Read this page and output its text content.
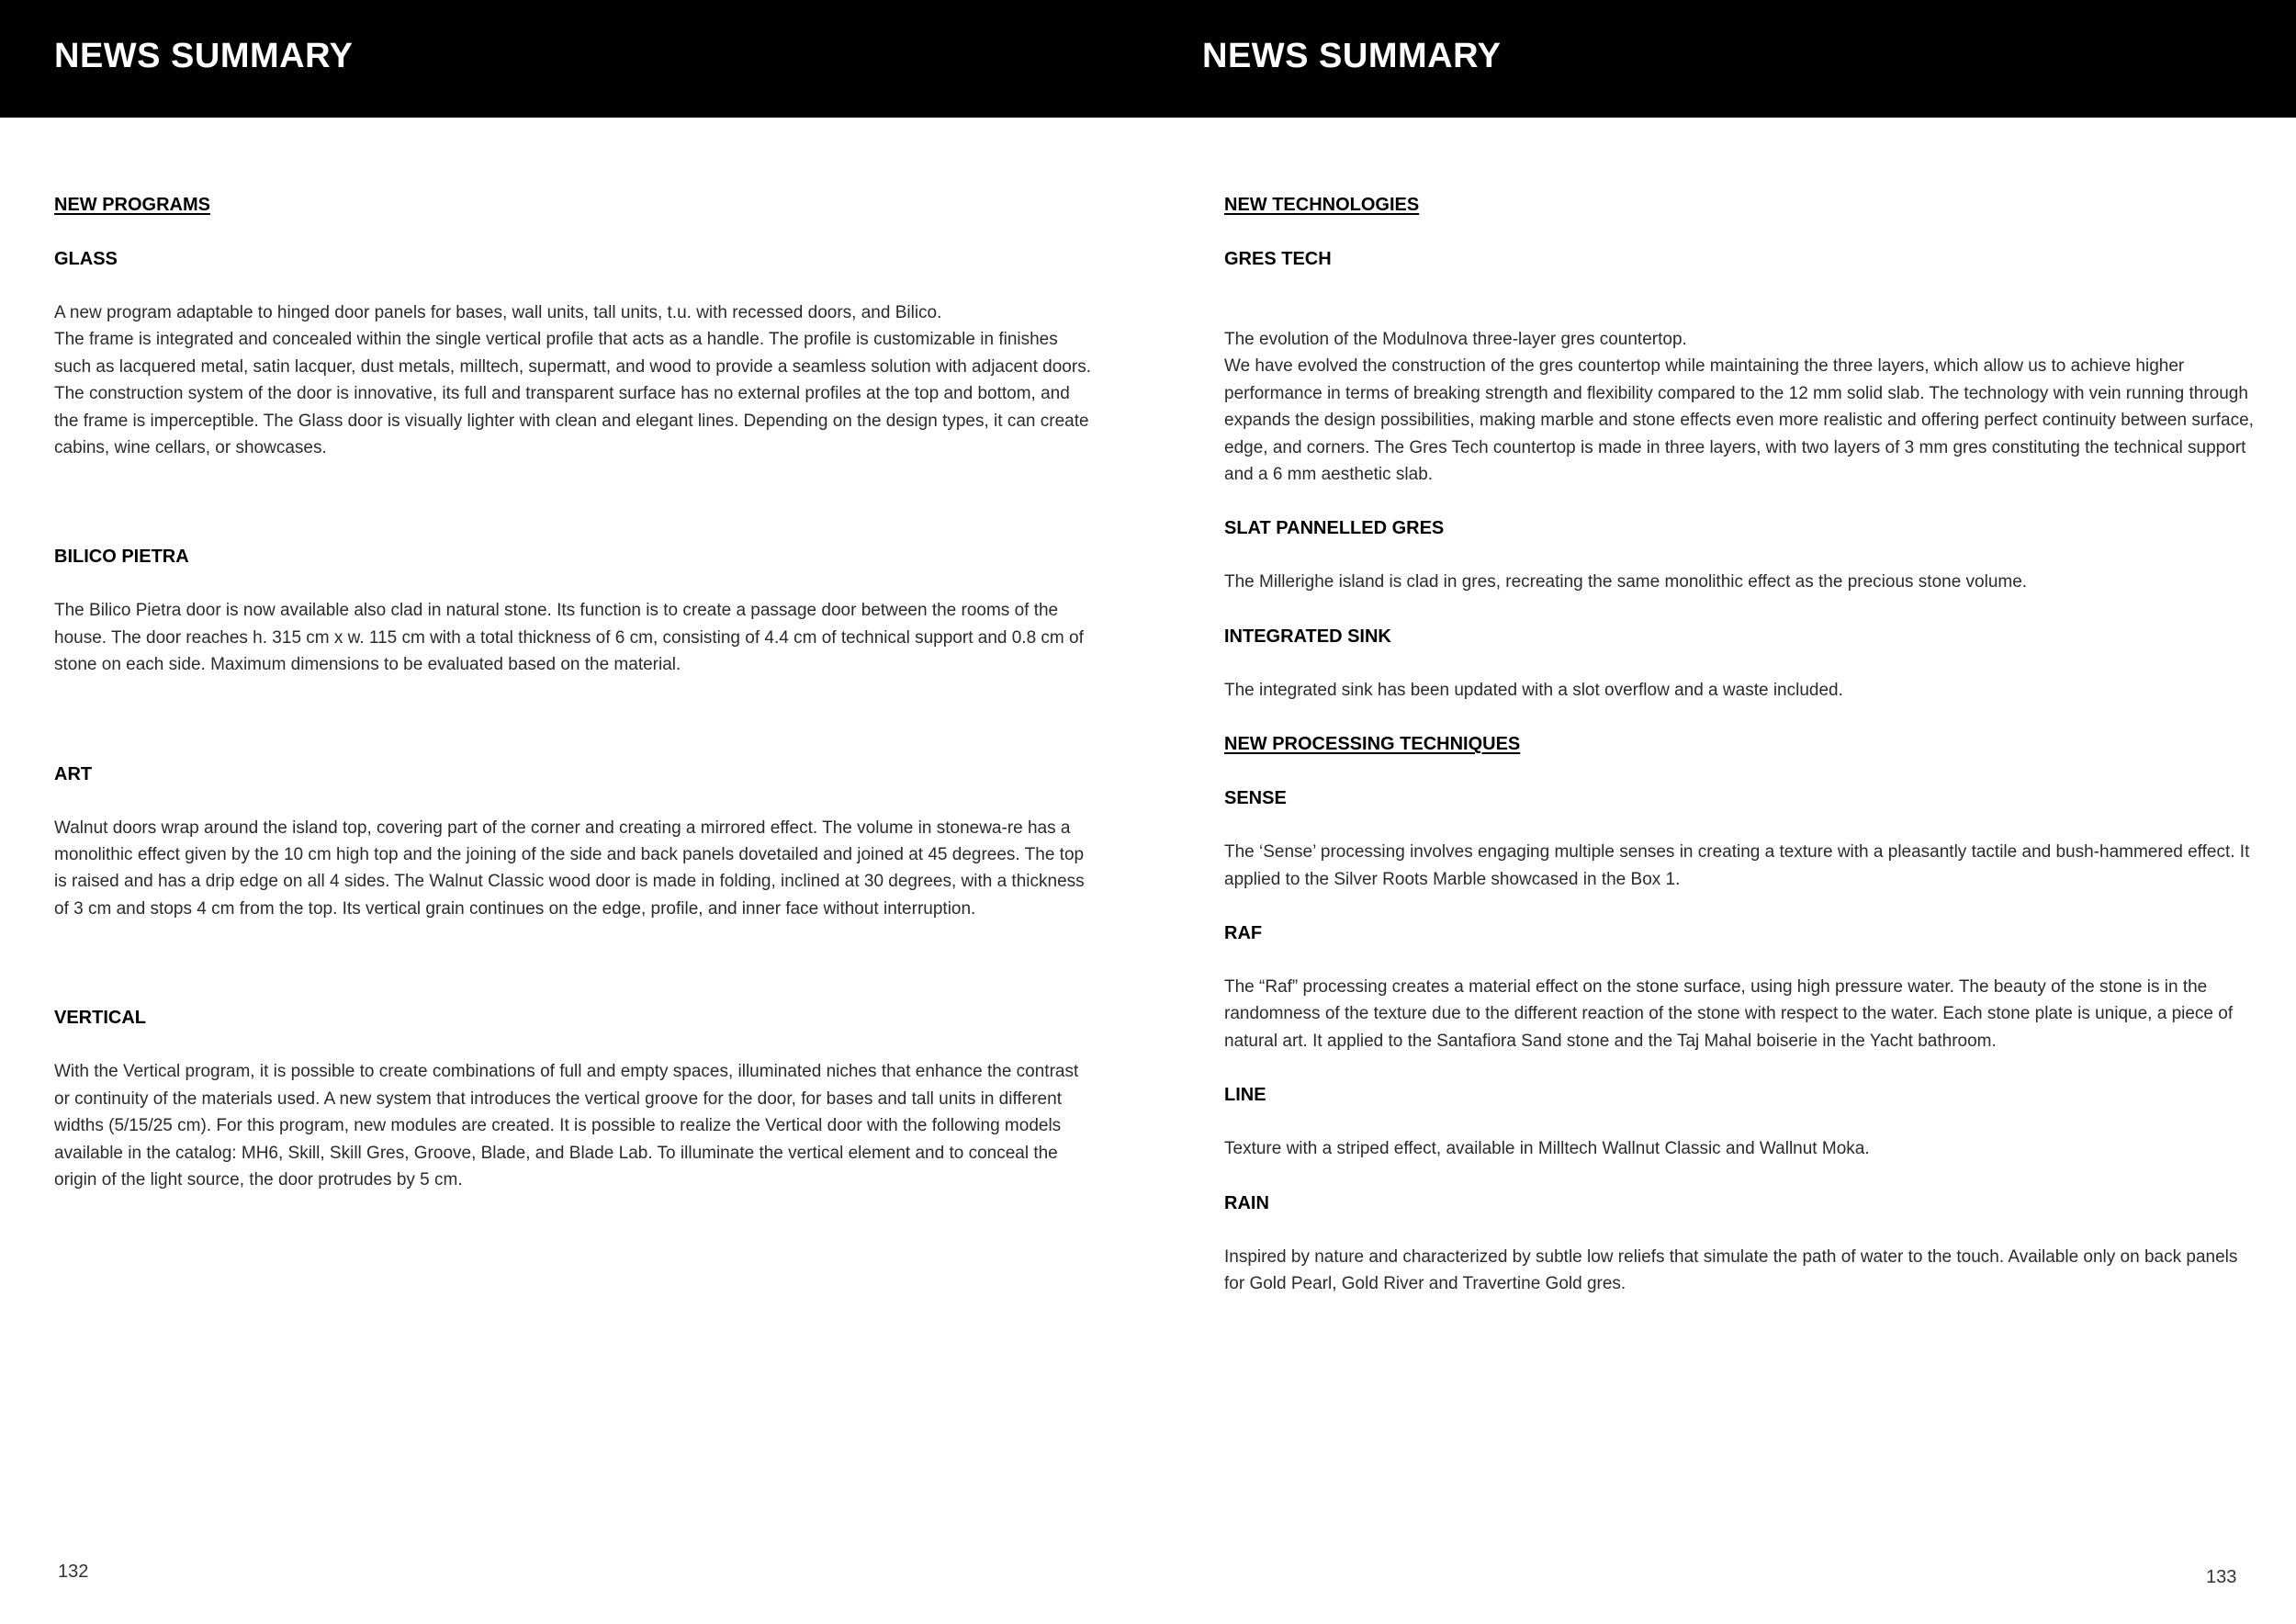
NEWS SUMMARY	NEWS SUMMARY
NEW PROGRAMS
GLASS

A new program adaptable to hinged door panels for bases, wall units, tall units, t.u. with recessed doors, and Bilico.

The frame is integrated and concealed within the single vertical profile that acts as a handle. The profile is customizable in finishes such as lacquered metal, satin lacquer, dust metals, milltech, supermatt, and wood to provide a seamless solution with adjacent doors. The construction system of the door is innovative, its full and transparent surface has no external profiles at the top and bottom, and the frame is imperceptible. The Glass door is visually lighter with clean and elegant lines. Depending on the design types, it can create cabins, wine cellars, or showcases.

BILICO PIETRA

The Bilico Pietra door is now available also clad in natural stone. Its function is to create a passage door between the rooms of the house. The door reaches h. 315 cm x w. 115 cm with a total thickness of 6 cm, consisting of 4.4 cm of technical support and 0.8 cm of stone on each side. Maximum dimensions to be evaluated based on the material.

ART

Walnut doors wrap around the island top, covering part of the corner and creating a mirrored effect. The volume in stonewa-re has a monolithic effect given by the 10 cm high top and the joining of the side and back panels dovetailed and joined at 45 degrees. The top is raised and has a drip edge on all 4 sides. The Walnut Classic wood door is made in folding, inclined at 30 degrees, with a thickness of 3 cm and stops 4 cm from the top. Its vertical grain continues on the edge, profile, and inner face without interruption.

VERTICAL

With the Vertical program, it is possible to create combinations of full and empty spaces, illuminated niches that enhance the contrast or continuity of the materials used. A new system that introduces the vertical groove for the door, for bases and tall units in different widths (5/15/25 cm). For this program, new modules are created. It is possible to realize the Vertical door with the following models available in the catalog: MH6, Skill, Skill Gres, Groove, Blade, and Blade Lab. To illuminate the vertical element and to conceal the origin of the light source, the door protrudes by 5 cm.

NEW TECHNOLOGIES
GRES TECH

The evolution of the Modulnova three-layer gres countertop.

We have evolved the construction of the gres countertop while maintaining the three layers, which allow us to achieve higher performance in terms of breaking strength and flexibility compared to the 12 mm solid slab. The technology with vein running through expands the design possibilities, making marble and stone effects even more realistic and offering perfect continuity between surface, edge, and corners. The Gres Tech countertop is made in three layers, with two layers of 3 mm gres constituting the technical support and a 6 mm aesthetic slab.

SLAT PANNELLED GRES

The Millerighe island is clad in gres, recreating the same monolithic effect as the precious stone volume.

INTEGRATED SINK

The integrated sink has been updated with a slot overflow and a waste included.

NEW PROCESSING TECHNIQUES
SENSE

The ‘Sense’ processing involves engaging multiple senses in creating a texture with a pleasantly tactile and bush-hammered effect. It applied to the Silver Roots Marble showcased in the Box 1.

RAF

The “Raf” processing creates a material effect on the stone surface, using high pressure water. The beauty of the stone is in the randomness of the texture due to the different reaction of the stone with respect to the water. Each stone plate is unique, a piece of natural art. It applied to the Santafiora Sand stone and the Taj Mahal boiserie in the Yacht bathroom.

LINE

Texture with a striped effect, available in Milltech Wallnut Classic and Wallnut Moka.

RAIN

Inspired by nature and characterized by subtle low reliefs that simulate the path of water to the touch. Available only on back panels for Gold Pearl, Gold River and Travertine Gold gres.

132	133
